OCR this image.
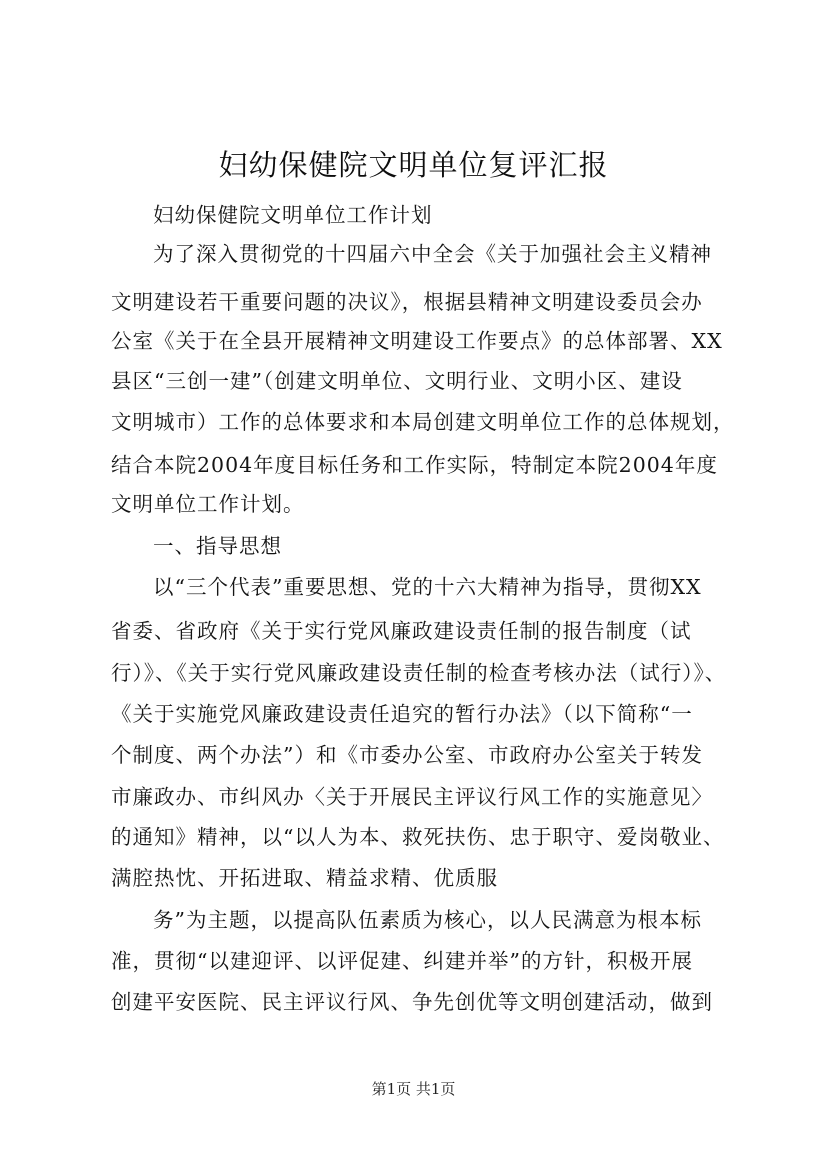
妇幼保健院文明单位复评汇报
妇幼保健院文明单位工作计划
为了深入贯彻党的十四届六中全会《关于加强社会主义精神
文明建设若干重要问题的决议》，根据县精神文明建设委员会办
公室《关于在全县开展精神文明建设工作要点》的总体部署、XX
县区“三创一建”（创建文明单位、文明行业、文明小区、建设
文明城市）工作的总体要求和本局创建文明单位工作的总体规划，
结合本院2004年度目标任务和工作实际，特制定本院2004年度
文明单位工作计划。
一、指导思想
以“三个代表”重要思想、党的十六大精神为指导，贯彻XX
省委、省政府《关于实行党风廉政建设责任制的报告制度（试
行）》、《关于实行党风廉政建设责任制的检查考核办法（试行）》、
《关于实施党风廉政建设责任追究的暂行办法》（以下简称“一
个制度、两个办法”）和《市委办公室、市政府办公室关于转发
市廉政办、市纠风办〈关于开展民主评议行风工作的实施意见〉
的通知》精神，以“以人为本、救死扶伤、忠于职守、爱岗敬业、
满腔热忱、开拓进取、精益求精、优质服
务”为主题，以提高队伍素质为核心，以人民满意为根本标
准，贯彻“以建迎评、以评促建、纠建并举”的方针，积极开展
创建平安医院、民主评议行风、争先创优等文明创建活动，做到
第1页 共1页
